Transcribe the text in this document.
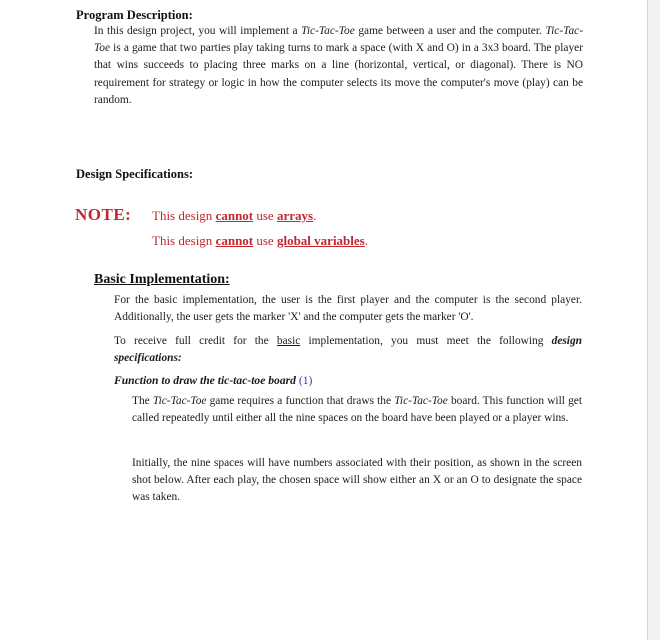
Program Description:

In this design project, you will implement a Tic-Tac-Toe game between a user and the computer. Tic-Tac-Toe is a game that two parties play taking turns to mark a space (with X and O) in a 3x3 board. The player that wins succeeds to placing three marks on a line (horizontal, vertical, or diagonal). There is NO requirement for strategy or logic in how the computer selects its move the computer's move (play) can be random.

Design Specifications:
NOTE: This design cannot use arrays.
This design cannot use global variables.
Basic Implementation:

For the basic implementation, the user is the first player and the computer is the second player. Additionally, the user gets the marker 'X' and the computer gets the marker 'O'.

To receive full credit for the basic implementation, you must meet the following design specifications:

Function to draw the tic-tac-toe board (1)

The Tic-Tac-Toe game requires a function that draws the Tic-Tac-Toe board. This function will get called repeatedly until either all the nine spaces on the board have been played or a player wins.

Initially, the nine spaces will have numbers associated with their position, as shown in the screen shot below. After each play, the chosen space will show either an X or an O to designate the space was taken.
